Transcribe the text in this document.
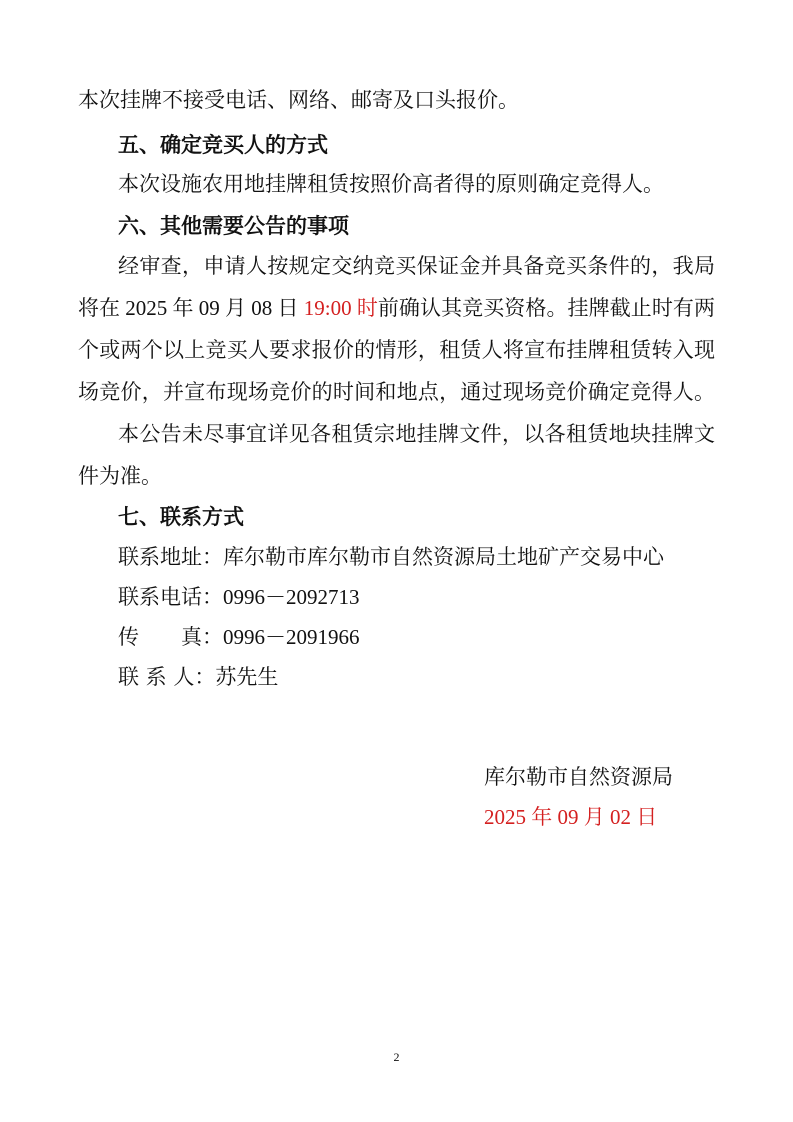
本次挂牌不接受电话、网络、邮寄及口头报价。
五、确定竞买人的方式
本次设施农用地挂牌租赁按照价高者得的原则确定竞得人。
六、其他需要公告的事项
经审查，申请人按规定交纳竞买保证金并具备竞买条件的，我局
将在 2025 年 09 月 08 日 19:00 时 前确认其竞买资格。挂牌截止时有两
个或两个以上竞买人要求报价的情形，租赁人将宣布挂牌租赁转入现
场竞价，并宣布现场竞价的时间和地点，通过现场竞价确定竞得人。
本公告未尽事宜详见各租赁宗地挂牌文件，以各租赁地块挂牌文
件为准。
七、联系方式
联系地址：库尔勒市库尔勒市自然资源局土地矿产交易中心
联系电话：0996－2092713
传　　真：0996－2091966
联 系 人：苏先生
库尔勒市自然资源局
2025 年 09 月 02 日
2
